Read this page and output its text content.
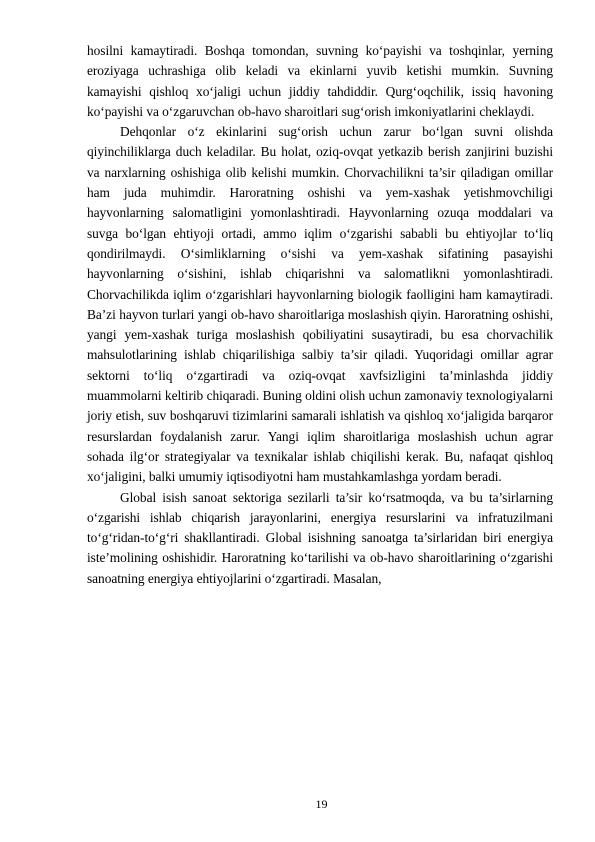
hosilni kamaytiradi. Boshqa tomondan, suvning ko‘payishi va toshqinlar, yerning eroziyaga uchrashiga olib keladi va ekinlarni yuvib ketishi mumkin. Suvning kamayishi qishloq xo‘jaligi uchun jiddiy tahdiddir. Qurg‘oqchilik, issiq havoning ko‘payishi va o‘zgaruvchan ob-havo sharoitlari sug‘orish imkoniyatlarini cheklaydi.

Dehqonlar o‘z ekinlarini sug‘orish uchun zarur bo‘lgan suvni olishda qiyinchiliklarga duch keladilar. Bu holat, oziq-ovqat yetkazib berish zanjirini buzishi va narxlarning oshishiga olib kelishi mumkin. Chorvachilikni ta’sir qiladigan omillar ham juda muhimdir. Haroratning oshishi va yem-xashak yetishmovchiligi hayvonlarning salomatligini yomonlashtiradi. Hayvonlarning ozuqa moddalari va suvga bo‘lgan ehtiyoji ortadi, ammo iqlim o‘zgarishi sababli bu ehtiyojlar to‘liq qondirilmaydi. O‘simliklarning o‘sishi va yem-xashak sifatining pasayishi hayvonlarning o‘sishini, ishlab chiqarishni va salomatlikni yomonlashtiradi. Chorvachilikda iqlim o‘zgarishlari hayvonlarning biologik faolligini ham kamaytiradi. Ba’zi hayvon turlari yangi ob-havo sharoitlariga moslashish qiyin. Haroratning oshishi, yangi yem-xashak turiga moslashish qobiliyatini susaytiradi, bu esa chorvachilik mahsulotlarining ishlab chiqarilishiga salbiy ta’sir qiladi. Yuqoridagi omillar agrar sektorni to‘liq o‘zgartiradi va oziq-ovqat xavfsizligini ta’minlashda jiddiy muammolarni keltirib chiqaradi. Buning oldini olish uchun zamonaviy texnologiyalarni joriy etish, suv boshqaruvi tizimlarini samarali ishlatish va qishloq xo‘jaligida barqaror resurslardan foydalanish zarur. Yangi iqlim sharoitlariga moslashish uchun agrar sohada ilg‘or strategiyalar va texnikalar ishlab chiqilishi kerak. Bu, nafaqat qishloq xo‘jaligini, balki umumiy iqtisodiyotni ham mustahkamlashga yordam beradi.

Global isish sanoat sektoriga sezilarli ta’sir ko‘rsatmoqda, va bu ta’sirlarning o‘zgarishi ishlab chiqarish jarayonlarini, energiya resurslarini va infratuzilmani to‘g‘ridan-to‘g‘ri shakllantiradi. Global isishning sanoatga ta’sirlaridan biri energiya iste’molining oshishidir. Haroratning ko‘tarilishi va ob-havo sharoitlarining o‘zgarishi sanoatning energiya ehtiyojlarini o‘zgartiradi. Masalan,

19
